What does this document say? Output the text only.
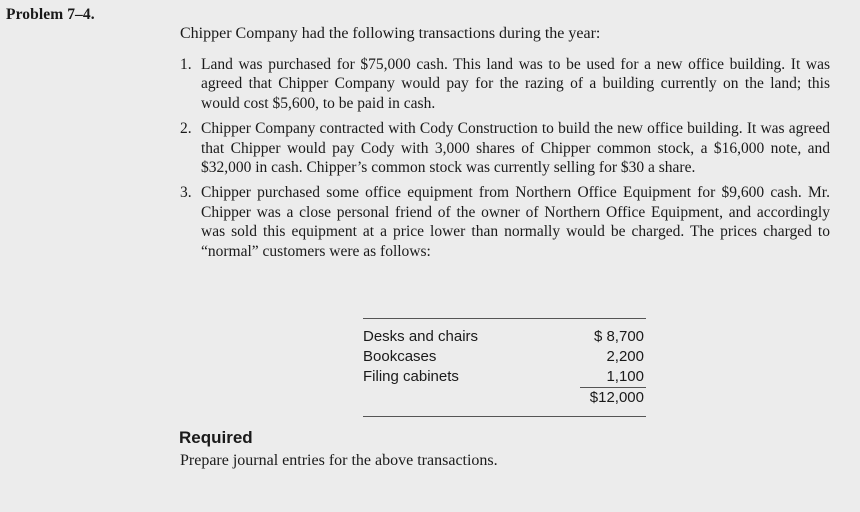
Problem 7–4.
Chipper Company had the following transactions during the year:
1. Land was purchased for $75,000 cash. This land was to be used for a new office building. It was agreed that Chipper Company would pay for the razing of a building currently on the land; this would cost $5,600, to be paid in cash.
2. Chipper Company contracted with Cody Construction to build the new office building. It was agreed that Chipper would pay Cody with 3,000 shares of Chipper common stock, a $16,000 note, and $32,000 in cash. Chipper’s common stock was currently selling for $30 a share.
3. Chipper purchased some office equipment from Northern Office Equipment for $9,600 cash. Mr. Chipper was a close personal friend of the owner of Northern Office Equipment, and accordingly was sold this equipment at a price lower than normally would be charged. The prices charged to “normal” customers were as follows:
Desks and chairs	$ 8,700
Bookcases	2,200
Filing cabinets	1,100
$12,000
Required
Prepare journal entries for the above transactions.
